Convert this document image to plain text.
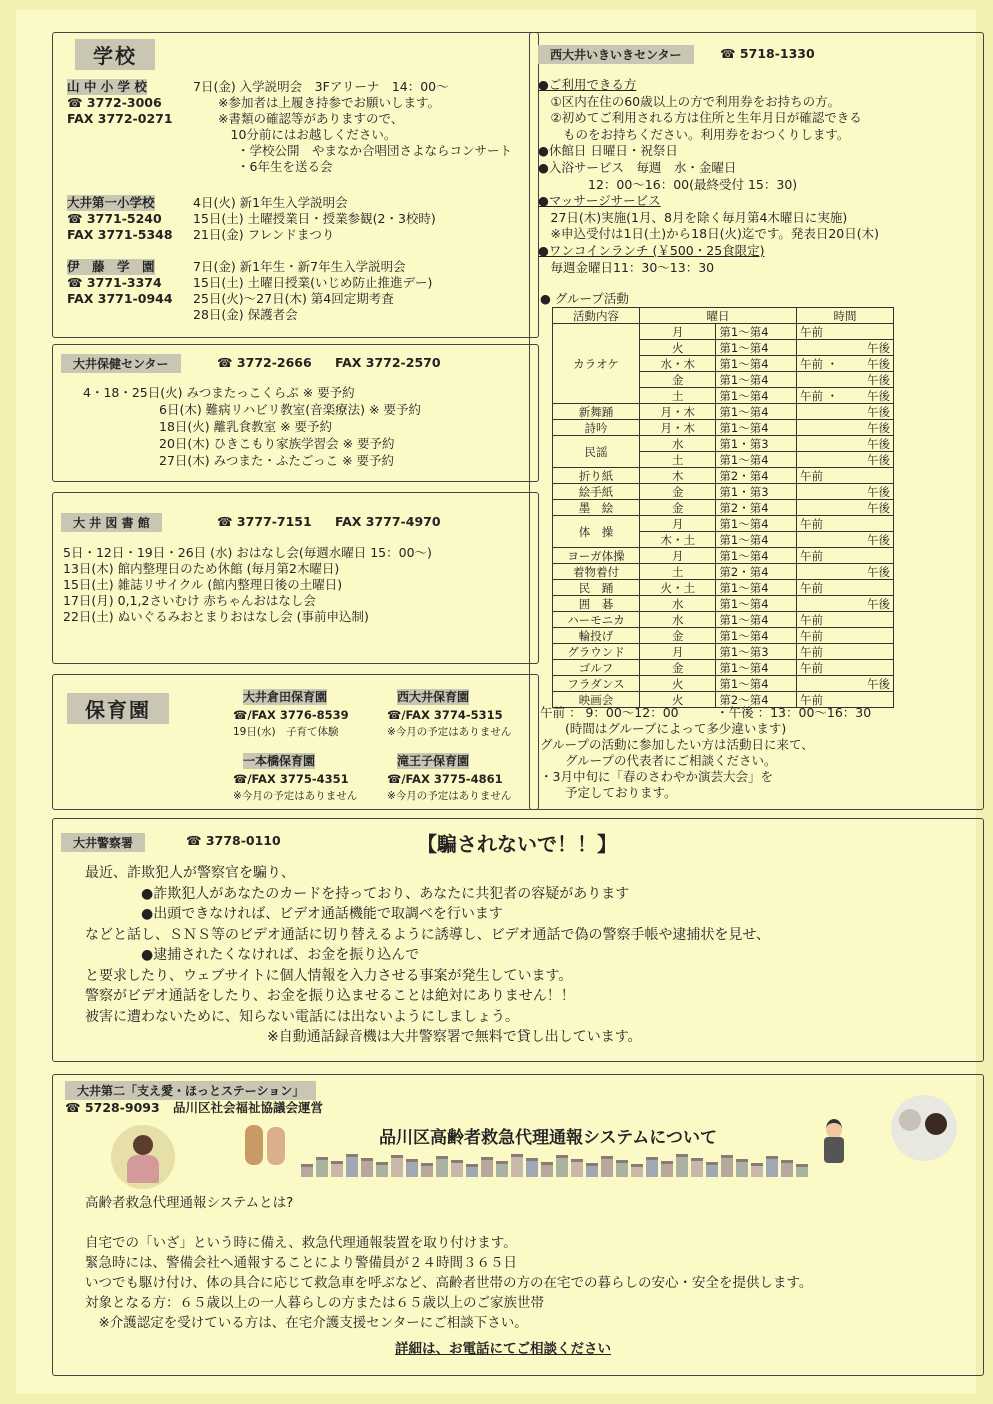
学校
山 中 小 学 校
☎ 3772-3006
FAX 3772-0271
7日(金) 入学説明会　3Fアリーナ　14：00～
　　※参加者は上履き持参でお願いします。
　　※書類の確認等がありますので、
　　　10分前にはお越しください。
・学校公開　やまなか合唱団さよならコンサート
・6年生を送る会
大井第一小学校
☎ 3771-5240
FAX 3771-5348
4日(火) 新1年生入学説明会
15日(土) 土曜授業日・授業参観(2・3校時)
21日(金) フレンドまつり
伊　藤　学　園
☎ 3771-3374
FAX 3771-0944
7日(金) 新1年生・新7年生入学説明会
15日(土) 土曜日授業(いじめ防止推進デー)
25日(火)～27日(木) 第4回定期考査
28日(金) 保護者会
大井保健センター	☎ 3772-2666 FAX 3772-2570
4・18・25日(火) みつまたっこくらぶ ※ 要予約
6日(木) 難病リハビリ教室(音楽療法) ※ 要予約
18日(火) 離乳食教室 ※ 要予約
20日(木) ひきこもり家族学習会 ※ 要予約
27日(木) みつまた・ふたごっこ ※ 要予約
大 井 図 書 館	☎ 3777-7151 FAX 3777-4970
5日・12日・19日・26日 (水) おはなし会(毎週水曜日 15：00～)
13日(木) 館内整理日のため休館 (毎月第2木曜日)
15日(土) 雑誌リサイクル (館内整理日後の土曜日)
17日(月) 0,1,2さいむけ 赤ちゃんおはなし会
22日(土) ぬいぐるみおとまりおはなし会 (事前申込制)
保育園
大井倉田保育園
☎/FAX 3776-8539
19日(水)　子育て体験
西大井保育園
☎/FAX 3774-5315
※今月の予定はありません
一本橋保育園
☎/FAX 3775-4351
※今月の予定はありません
滝王子保育園
☎/FAX 3775-4861
※今月の予定はありません
西大井いきいきセンター	☎ 5718-1330
●ご利用できる方
　①区内在住の60歳以上の方で利用券をお持ちの方。
　②初めてご利用される方は住所と生年月日が確認できる
　　ものをお持ちください。利用券をおつくりします。
●休館日 日曜日・祝祭日
●入浴サービス　毎週　水・金曜日
　　　　12：00～16：00(最終受付 15：30)
●マッサージサービス
　27日(木)実施(1月、8月を除く毎月第4木曜日に実施)
　※申込受付は1日(土)から18日(火)迄です。発表日20日(木)
●ワンコインランチ (￥500・25食限定)
　毎週金曜日11：30～13：30
● グループ活動
活動内容	曜日		時間
カラオケ	月	第1～第4	午前

	火	第1～第4	午後

	水・木	第1～第4	午前 ・ 午後

	金	第1～第4	午後

	土	第1～第4	午前 ・ 午後

新舞踊	月・木	第1～第4	午後

詩吟	月・木	第1～第4	午後

民謡	水	第1・第3	午後

	土	第1～第4	午後

折り紙	木	第2・第4	午前

絵手紙	金	第1・第3	午後

墨　絵	金	第2・第4	午後

体　操	月	第1～第4	午前

	木・土	第1～第4	午後

ヨーガ体操	月	第1～第4	午前

着物着付	土	第2・第4	午後

民　踊	火・土	第1～第4	午前

囲　碁	水	第1～第4	午後

ハーモニカ	水	第1～第4	午前

輪投げ	金	第1～第4	午前

グラウンド	月	第1～第3	午前

ゴルフ	金	第1～第4	午前

フラダンス	火	第1～第4	午後

映画会	火	第2～第4	午前
午前 ： 9：00～12：00　　　・午後 ：13：00～16：30
　　(時間はグループによって多少違います)
グループの活動に参加したい方は活動日に来て、
　　グループの代表者にご相談ください。
・3月中旬に「春のさわやか演芸大会」を
　　予定しております。
大井警察署	☎ 3778-0110	【騙されないで！！】
最近、詐欺犯人が警察官を騙り、
　　　　●詐欺犯人があなたのカードを持っており、あなたに共犯者の容疑があります
　　　　●出頭できなければ、ビデオ通話機能で取調べを行います
などと話し、ＳＮＳ等のビデオ通話に切り替えるように誘導し、ビデオ通話で偽の警察手帳や逮捕状を見せ、
　　　　●逮捕されたくなければ、お金を振り込んで
と要求したり、ウェブサイトに個人情報を入力させる事案が発生しています。
警察がビデオ通話をしたり、お金を振り込ませることは絶対にありません！！
被害に遭わないために、知らない電話には出ないようにしましょう。
　　　　　　　　　　　　　※自動通話録音機は大井警察署で無料で貸し出しています。
大井第二「支え愛・ほっとステーション」
☎ 5728-9093 品川区社会福祉協議会運営
品川区高齢者救急代理通報システムについて
高齢者救急代理通報システムとは?
自宅での「いざ」という時に備え、救急代理通報装置を取り付けます。
緊急時には、警備会社へ通報することにより警備員が２４時間３６５日
いつでも駆け付け、体の具合に応じて救急車を呼ぶなど、高齢者世帯の方の在宅での暮らしの安心・安全を提供します。
対象となる方：６５歳以上の一人暮らしの方または６５歳以上のご家族世帯
　※介護認定を受けている方は、在宅介護支援センターにご相談下さい。
詳細は、お電話にてご相談ください
